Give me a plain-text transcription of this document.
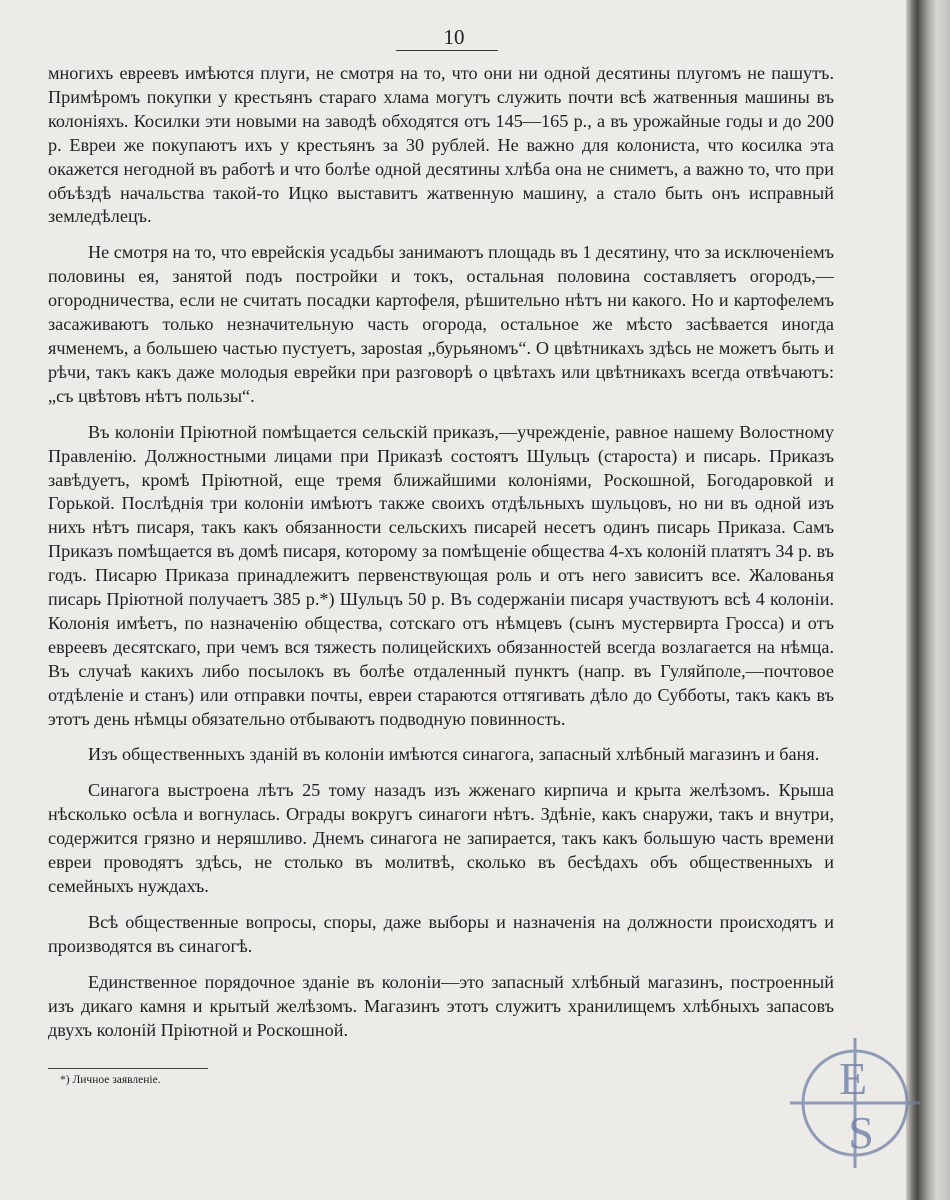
10

многихъ евреевъ имѣются плуги, не смотря на то, что они ни одной десятины плугомъ не пашутъ. Примѣромъ покупки у крестьянъ стараго хлама могутъ служить почти всѣ жатвенныя машины въ колоніяхъ. Косилки эти новыми на заводѣ обходятся отъ 145—165 р., а въ урожайные годы и до 200 р. Евреи же покупаютъ ихъ у крестьянъ за 30 рублей. Не важно для колониста, что косилка эта окажется негодной въ работѣ и что болѣе одной десятины хлѣба она не сниметъ, а важно то, что при объѣздѣ начальства такой-то Ицко выставитъ жатвенную машину, а стало быть онъ исправный земледѣлецъ.

Не смотря на то, что еврейскія усадьбы занимаютъ площадь въ 1 десятину, что за исключеніемъ половины ея, занятой подъ постройки и токъ, остальная половина составляетъ огородъ,—огородничества, если не считать посадки картофеля, рѣшительно нѣтъ ни какого. Но и картофелемъ засаживаютъ только незначительную часть огорода, остальное же мѣсто засѣвается иногда ячменемъ, а большею частью пустуетъ, зарostая „бурьяномъ“. О цвѣтникахъ здѣсь не можетъ быть и рѣчи, такъ какъ даже молодыя еврейки при разговорѣ о цвѣтахъ или цвѣтникахъ всегда отвѣчаютъ: „съ цвѣтовъ нѣтъ пользы“.

Въ колоніи Пріютной помѣщается сельскій приказъ,—учрежденіе, равное нашему Волостному Правленію. Должностными лицами при Приказѣ состоятъ Шульцъ (староста) и писарь. Приказъ завѣдуетъ, кромѣ Пріютной, еще тремя ближайшими колоніями, Роскошной, Богодаровкой и Горькой. Послѣднія три колоніи имѣютъ также своихъ отдѣльныхъ шульцовъ, но ни въ одной изъ нихъ нѣтъ писаря, такъ какъ обязанности сельскихъ писарей несетъ одинъ писарь Приказа. Самъ Приказъ помѣщается въ домѣ писаря, которому за помѣщеніе общества 4-хъ колоній платятъ 34 р. въ годъ. Писарю Приказа принадлежитъ первенствующая роль и отъ него зависитъ все. Жалованья писарь Пріютной получаетъ 385 р.*) Шульцъ 50 р. Въ содержаніи писаря участвуютъ всѣ 4 колоніи. Колонія имѣетъ, по назначенію общества, сотскаго отъ нѣмцевъ (сынъ мустервирта Гросса) и отъ евреевъ десятскаго, при чемъ вся тяжесть полицейскихъ обязанностей всегда возлагается на нѣмца. Въ случаѣ какихъ либо посылокъ въ болѣе отдаленный пунктъ (напр. въ Гуляйполе,—почтовое отдѣленіе и станъ) или отправки почты, евреи стараются оттягивать дѣло до Субботы, такъ какъ въ этотъ день нѣмцы обязательно отбываютъ подводную повинность.

Изъ общественныхъ зданій въ колоніи имѣются синагога, запасный хлѣбный магазинъ и баня.

Синагога выстроена лѣтъ 25 тому назадъ изъ жженаго кирпича и крыта желѣзомъ. Крыша нѣсколько осѣла и вогнулась. Ограды вокругъ синагоги нѣтъ. Здѣніе, какъ снаружи, такъ и внутри, содержится грязно и неряшливо. Днемъ синагога не запирается, такъ какъ большую часть времени евреи проводятъ здѣсь, не столько въ молитвѣ, сколько въ бесѣдахъ объ общественныхъ и семейныхъ нуждахъ.

Всѣ общественные вопросы, споры, даже выборы и назначенія на должности происходятъ и производятся въ синагогѣ.

Единственное порядочное зданіе въ колоніи—это запасный хлѣбный магазинъ, построенный изъ дикаго камня и крытый желѣзомъ. Магазинъ этотъ служитъ хранилищемъ хлѣбныхъ запасовъ двухъ колоній Пріютной и Роскошной.

*) Личное заявленіе.	E
S
